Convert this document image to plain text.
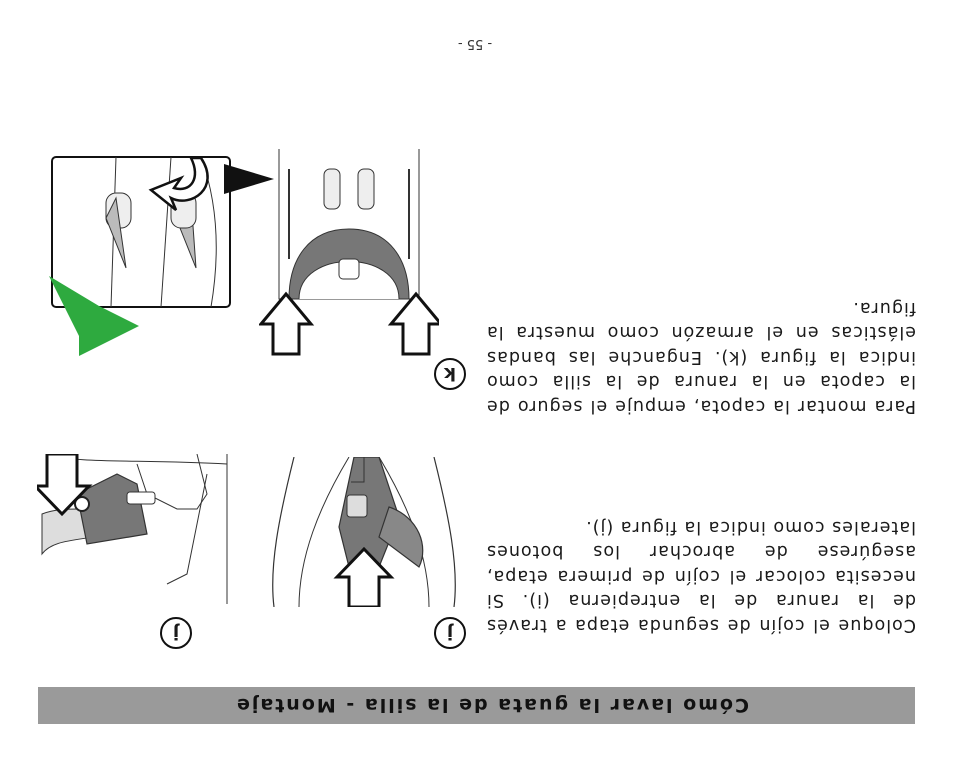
Cómo lavar la guata de la silla - Montaje

Coloque el cojín de segunda etapa a través de la ranura de la entrepierna (i). Si necesita colocar el cojín de primera etapa, asegúrese de abrochar los botones laterales como indica la figura (j).

Para montar la capota, empuje el seguro de la capota en la ranura de la silla como indica la figura (k). Enganche las bandas elásticas en el armazón como muestra la figura.

j
j
k
- 55 -
